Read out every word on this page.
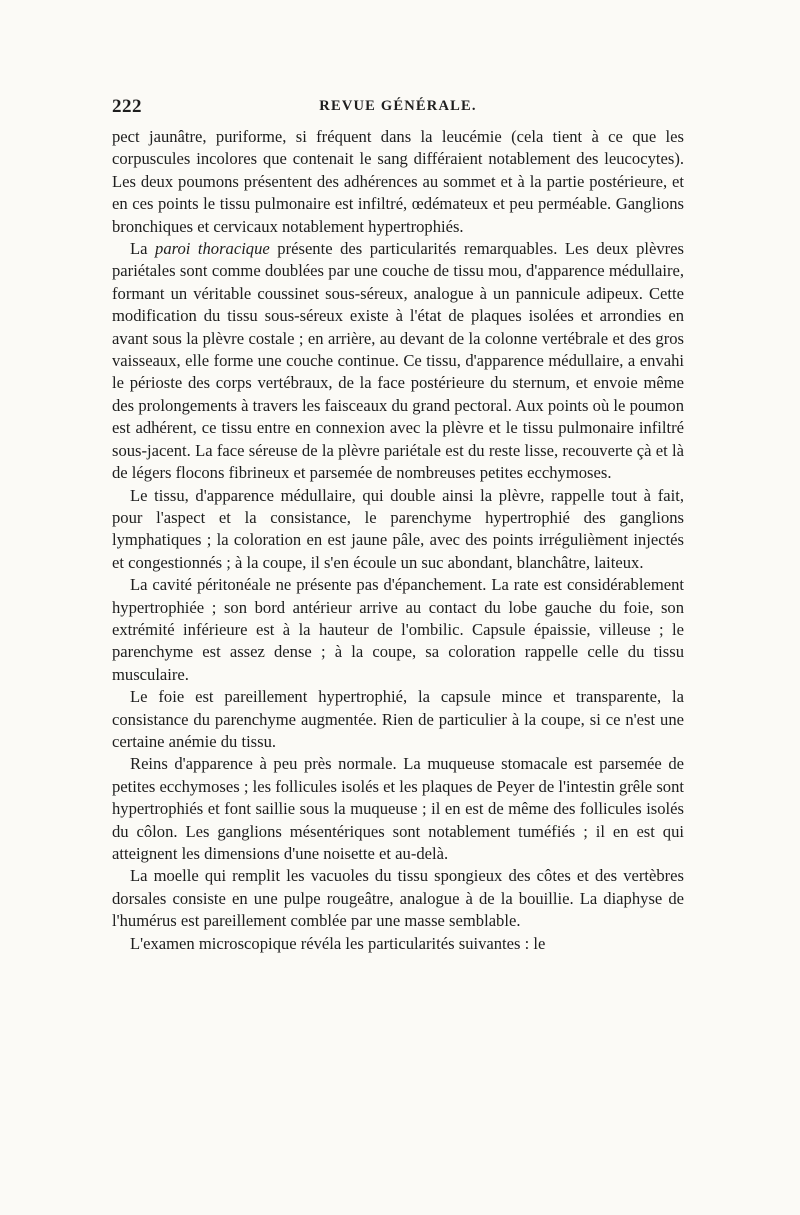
222	REVUE GÉNÉRALE.

pect jaunâtre, puriforme, si fréquent dans la leucémie (cela tient à ce que les corpuscules incolores que contenait le sang différaient notablement des leucocytes). Les deux poumons présentent des adhérences au sommet et à la partie postérieure, et en ces points le tissu pulmonaire est infiltré, œdémateux et peu perméable. Ganglions bronchiques et cervicaux notablement hypertrophiés.

La paroi thoracique présente des particularités remarquables. Les deux plèvres pariétales sont comme doublées par une couche de tissu mou, d'apparence médullaire, formant un véritable coussinet sous-séreux, analogue à un pannicule adipeux. Cette modification du tissu sous-séreux existe à l'état de plaques isolées et arrondies en avant sous la plèvre costale ; en arrière, au devant de la colonne vertébrale et des gros vaisseaux, elle forme une couche continue. Ce tissu, d'apparence médullaire, a envahi le périoste des corps vertébraux, de la face postérieure du sternum, et envoie même des prolongements à travers les faisceaux du grand pectoral. Aux points où le poumon est adhérent, ce tissu entre en connexion avec la plèvre et le tissu pulmonaire infiltré sous-jacent. La face séreuse de la plèvre pariétale est du reste lisse, recouverte çà et là de légers flocons fibrineux et parsemée de nombreuses petites ecchymoses.

Le tissu, d'apparence médullaire, qui double ainsi la plèvre, rappelle tout à fait, pour l'aspect et la consistance, le parenchyme hypertrophié des ganglions lymphatiques ; la coloration en est jaune pâle, avec des points irrégulièment injectés et congestionnés ; à la coupe, il s'en écoule un suc abondant, blanchâtre, laiteux.

La cavité péritonéale ne présente pas d'épanchement. La rate est considérablement hypertrophiée ; son bord antérieur arrive au contact du lobe gauche du foie, son extrémité inférieure est à la hauteur de l'ombilic. Capsule épaissie, villeuse ; le parenchyme est assez dense ; à la coupe, sa coloration rappelle celle du tissu musculaire.

Le foie est pareillement hypertrophié, la capsule mince et transparente, la consistance du parenchyme augmentée. Rien de particulier à la coupe, si ce n'est une certaine anémie du tissu.

Reins d'apparence à peu près normale. La muqueuse stomacale est parsemée de petites ecchymoses ; les follicules isolés et les plaques de Peyer de l'intestin grêle sont hypertrophiés et font saillie sous la muqueuse ; il en est de même des follicules isolés du côlon. Les ganglions mésentériques sont notablement tuméfiés ; il en est qui atteignent les dimensions d'une noisette et au-delà.

La moelle qui remplit les vacuoles du tissu spongieux des côtes et des vertèbres dorsales consiste en une pulpe rougeâtre, analogue à de la bouillie. La diaphyse de l'humérus est pareillement comblée par une masse semblable.

L'examen microscopique révéla les particularités suivantes : le
